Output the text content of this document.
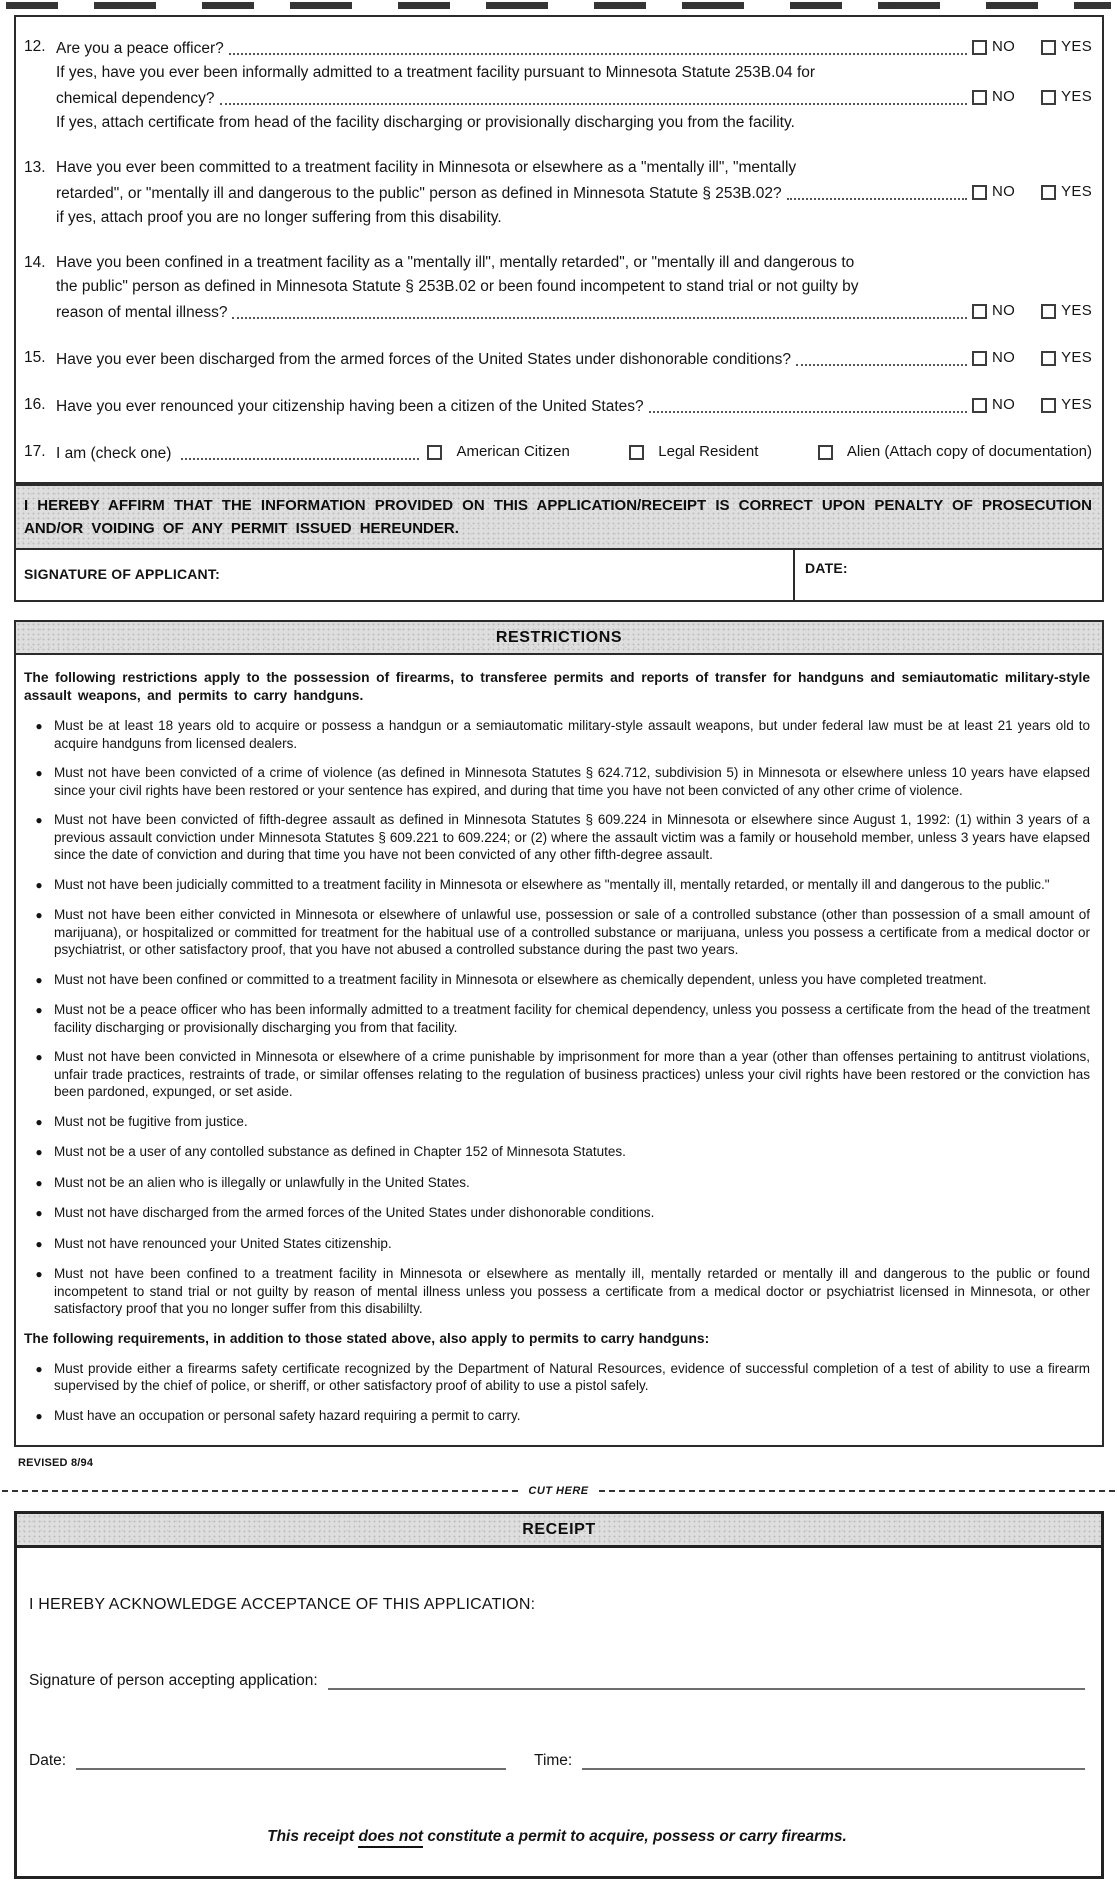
12. Are you a peace officer?	NO	YES
If yes, have you ever been informally admitted to a treatment facility pursuant to Minnesota Statute 253B.04 for
chemical dependency?	NO	YES
If yes, attach certificate from head of the facility discharging or provisionally discharging you from the facility.
13. Have you ever been committed to a treatment facility in Minnesota or elsewhere as a "mentally ill", "mentally
retarded", or "mentally ill and dangerous to the public" person as defined in Minnesota Statute § 253B.02?	NO	YES
if yes, attach proof you are no longer suffering from this disability.
14. Have you been confined in a treatment facility as a "mentally ill", mentally retarded", or "mentally ill and dangerous to
the public" person as defined in Minnesota Statute § 253B.02 or been found incompetent to stand trial or not guilty by
reason of mental illness?	NO	YES
15. Have you ever been discharged from the armed forces of the United States under dishonorable conditions?	NO	YES
16. Have you ever renounced your citizenship having been a citizen of the United States?	NO	YES
17. I am (check one)	American Citizen	Legal Resident	Alien (Attach copy of documentation)

I HEREBY AFFIRM THAT THE INFORMATION PROVIDED ON THIS APPLICATION/RECEIPT IS CORRECT UPON PENALTY OF PROSECUTION AND/OR VOIDING OF ANY PERMIT ISSUED HEREUNDER.

SIGNATURE OF APPLICANT:	DATE:
RESTRICTIONS

The following restrictions apply to the possession of firearms, to transferee permits and reports of transfer for handguns and semiautomatic military-style assault weapons, and permits to carry handguns.

● Must be at least 18 years old to acquire or possess a handgun or a semiautomatic military-style assault weapons, but under federal law must be at least 21 years old to acquire handguns from licensed dealers.

● Must not have been convicted of a crime of violence (as defined in Minnesota Statutes § 624.712, subdivision 5) in Minnesota or elsewhere unless 10 years have elapsed since your civil rights have been restored or your sentence has expired, and during that time you have not been convicted of any other crime of violence.

● Must not have been convicted of fifth-degree assault as defined in Minnesota Statutes § 609.224 in Minnesota or elsewhere since August 1, 1992: (1) within 3 years of a previous assault conviction under Minnesota Statutes § 609.221 to 609.224; or (2) where the assault victim was a family or household member, unless 3 years have elapsed since the date of conviction and during that time you have not been convicted of any other fifth-degree assault.

● Must not have been judicially committed to a treatment facility in Minnesota or elsewhere as "mentally ill, mentally retarded, or mentally ill and dangerous to the public."

● Must not have been either convicted in Minnesota or elsewhere of unlawful use, possession or sale of a controlled substance (other than possession of a small amount of marijuana), or hospitalized or committed for treatment for the habitual use of a controlled substance or marijuana, unless you possess a certificate from a medical doctor or psychiatrist, or other satisfactory proof, that you have not abused a controlled substance during the past two years.

● Must not have been confined or committed to a treatment facility in Minnesota or elsewhere as chemically dependent, unless you have completed treatment.

● Must not be a peace officer who has been informally admitted to a treatment facility for chemical dependency, unless you possess a certificate from the head of the treatment facility discharging or provisionally discharging you from that facility.

● Must not have been convicted in Minnesota or elsewhere of a crime punishable by imprisonment for more than a year (other than offenses pertaining to antitrust violations, unfair trade practices, restraints of trade, or similar offenses relating to the regulation of business practices) unless your civil rights have been restored or the conviction has been pardoned, expunged, or set aside.

● Must not be fugitive from justice.

● Must not be a user of any contolled substance as defined in Chapter 152 of Minnesota Statutes.

● Must not be an alien who is illegally or unlawfully in the United States.

● Must not have discharged from the armed forces of the United States under dishonorable conditions.

● Must not have renounced your United States citizenship.

● Must not have been confined to a treatment facility in Minnesota or elsewhere as mentally ill, mentally retarded or mentally ill and dangerous to the public or found incompetent to stand trial or not guilty by reason of mental illness unless you possess a certificate from a medical doctor or psychiatrist licensed in Minnesota, or other satisfactory proof that you no longer suffer from this disabililty.

The following requirements, in addition to those stated above, also apply to permits to carry handguns:

● Must provide either a firearms safety certificate recognized by the Department of Natural Resources, evidence of successful completion of a test of ability to use a firearm supervised by the chief of police, or sheriff, or other satisfactory proof of ability to use a pistol safely.

● Must have an occupation or personal safety hazard requiring a permit to carry.

REVISED 8/94
CUT HERE
RECEIPT

I HEREBY ACKNOWLEDGE ACCEPTANCE OF THIS APPLICATION:

Signature of person accepting application:
Date:	Time:

This receipt does not constitute a permit to acquire, possess or carry firearms.
